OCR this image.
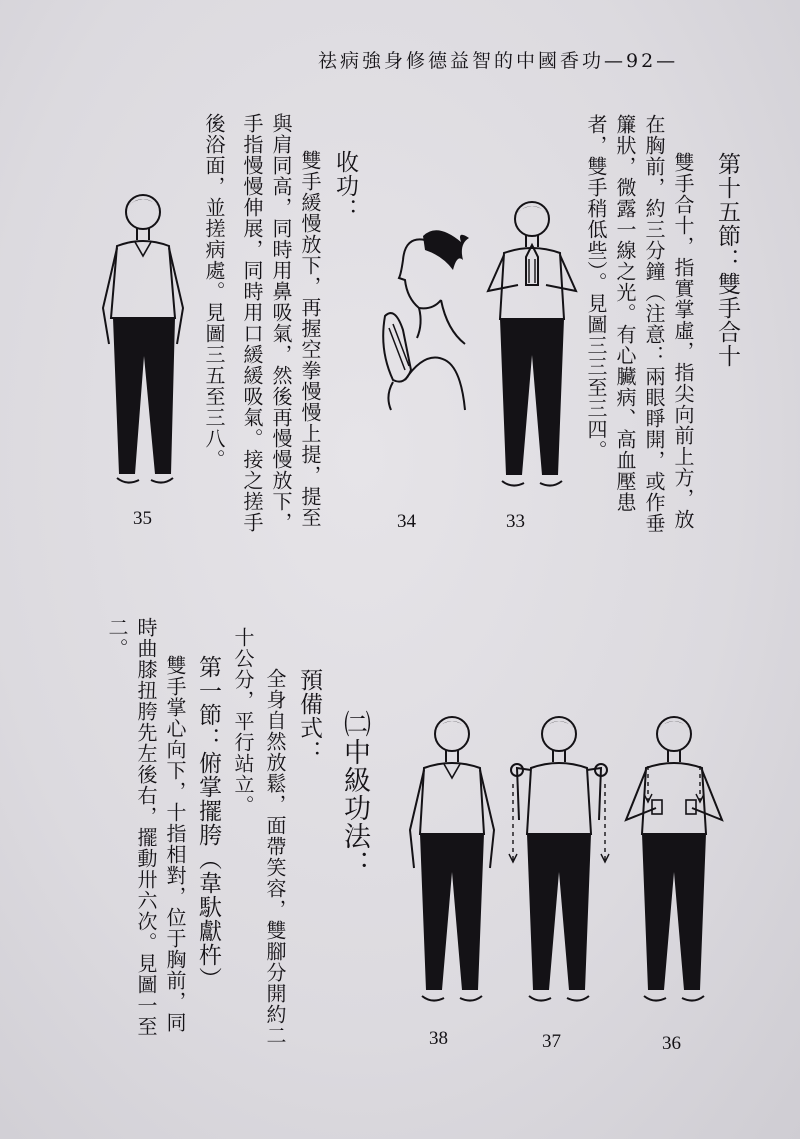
祛病強身修德益智的中國香功—92—
第十五節：雙手合十
雙手合十，指實掌虛，指尖向前上方，放
在胸前，約三分鐘（注意：兩眼睜開，或作垂
簾狀，微露一線之光。有心臟病、高血壓患
者，雙手稍低些）。見圖三三至三四。
收功：
雙手緩慢放下，再握空拳慢慢上提，提至
與肩同高，同時用鼻吸氣，然後再慢慢放下，
手指慢慢伸展，同時用口緩緩吸氣。接之搓手
後浴面，並搓病處。見圖三五至三八。
㈡中級功法：
預備式：
全身自然放鬆，面帶笑容，雙腳分開約二
十公分，平行站立。
第一節：俯掌擺胯（韋馱獻杵）
雙手掌心向下，十指相對，位于胸前，同
時曲膝扭胯先左後右，擺動卅六次。見圖一至
二。
35	34	33
38	37	36
